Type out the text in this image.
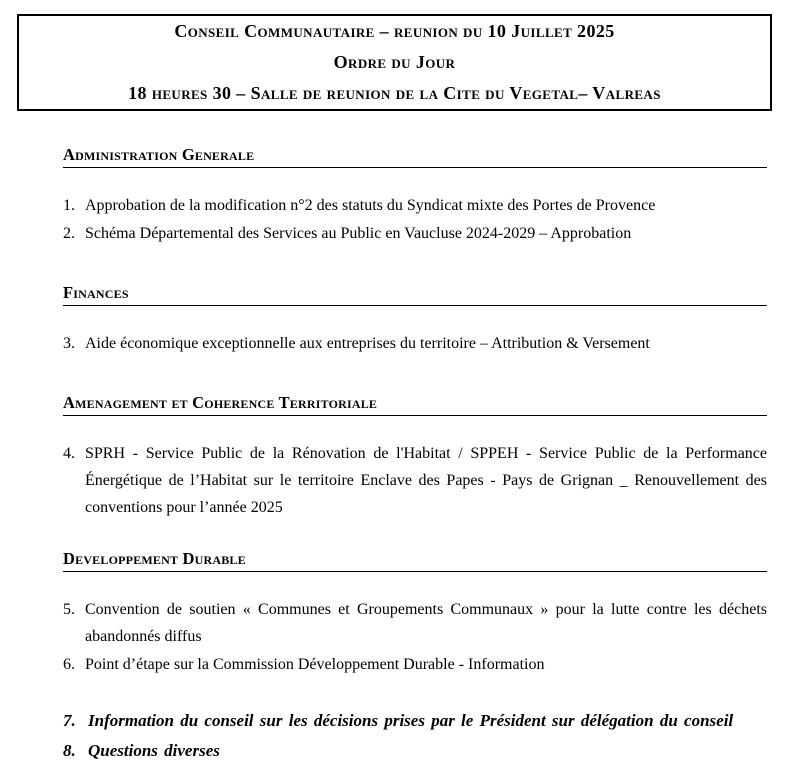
Conseil Communautaire – reunion du 10 Juillet 2025
Ordre du Jour
18 heures 30 – Salle de reunion de la Cite du Vegetal– Valreas
Administration Generale
1. Approbation de la modification n°2 des statuts du Syndicat mixte des Portes de Provence
2. Schéma Départemental des Services au Public en Vaucluse 2024-2029 – Approbation
Finances
3. Aide économique exceptionnelle aux entreprises du territoire – Attribution & Versement
Amenagement et Coherence Territoriale
4. SPRH - Service Public de la Rénovation de l'Habitat / SPPEH - Service Public de la Performance Énergétique de l’Habitat sur le territoire Enclave des Papes - Pays de Grignan _ Renouvellement des conventions pour l’année 2025
Developpement Durable
5. Convention de soutien « Communes et Groupements Communaux » pour la lutte contre les déchets abandonnés diffus
6. Point d’étape sur la Commission Développement Durable - Information
7. Information du conseil sur les décisions prises par le Président sur délégation du conseil
8. Questions diverses
